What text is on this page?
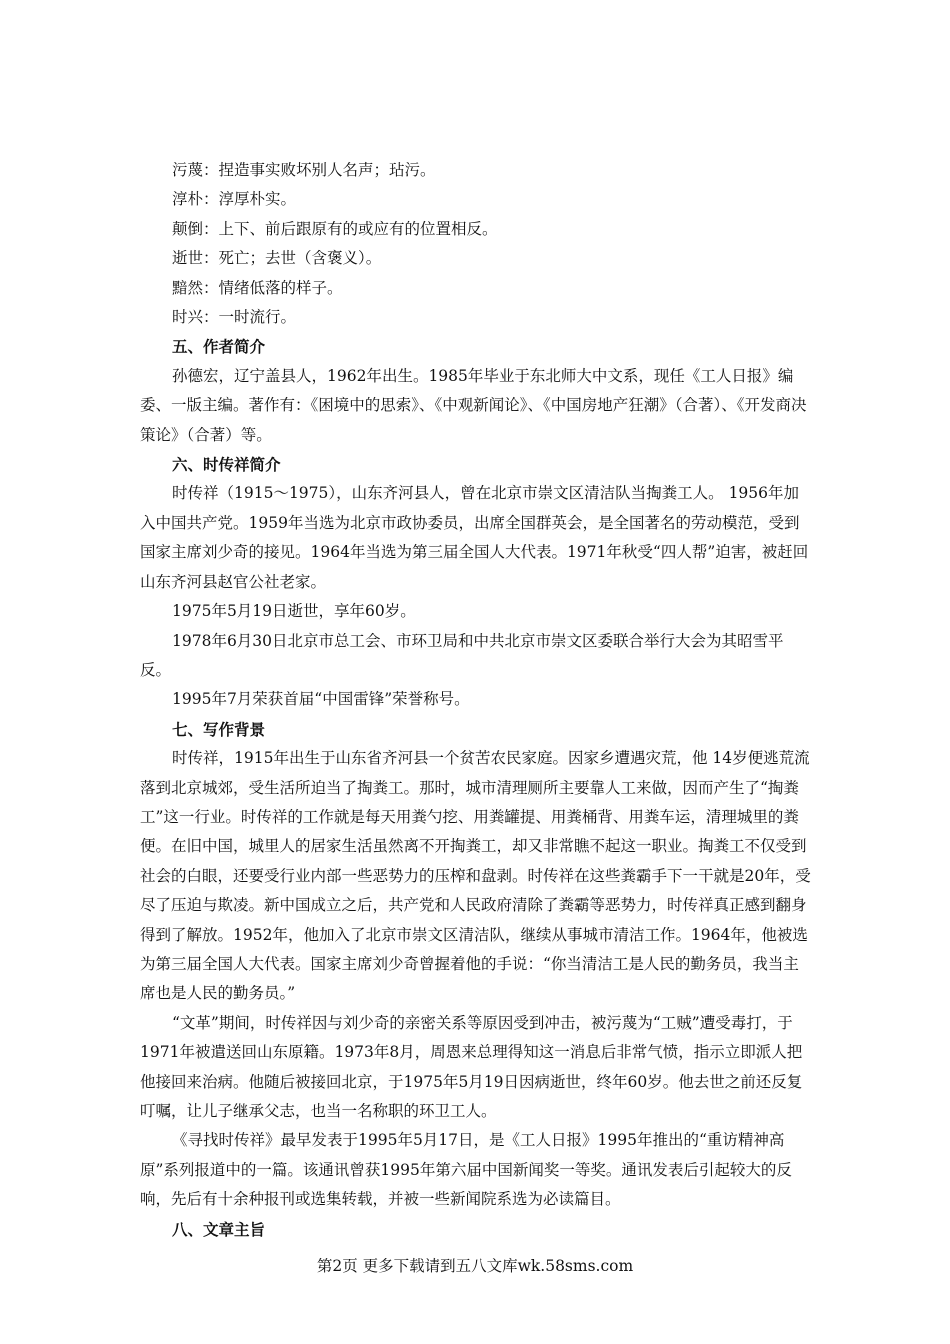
污蔑：捏造事实败坏别人名声；玷污。

淳朴：淳厚朴实。

颠倒：上下、前后跟原有的或应有的位置相反。

逝世：死亡；去世（含褒义）。

黯然：情绪低落的样子。

时兴：一时流行。

五、作者简介

孙德宏，辽宁盖县人，1962年出生。1985年毕业于东北师大中文系，现任《工人日报》编委、一版主编。著作有：《困境中的思索》、《中观新闻论》、《中国房地产狂潮》（合著）、《开发商决策论》（合著）等。

六、时传祥简介

时传祥（1915～1975），山东齐河县人，曾在北京市崇文区清洁队当掏粪工人。 1956年加入中国共产党。1959年当选为北京市政协委员，出席全国群英会，是全国著名的劳动模范，受到国家主席刘少奇的接见。1964年当选为第三届全国人大代表。1971年秋受“四人帮”迫害，被赶回山东齐河县赵官公社老家。

1975年5月19日逝世，享年60岁。

1978年6月30日北京市总工会、市环卫局和中共北京市崇文区委联合举行大会为其昭雪平反。

1995年7月荣获首届“中国雷锋”荣誉称号。

七、写作背景

时传祥，1915年出生于山东省齐河县一个贫苦农民家庭。因家乡遭遇灾荒，他 14岁便逃荒流落到北京城郊，受生活所迫当了掏粪工。那时，城市清理厕所主要靠人工来做，因而产生了“掏粪工”这一行业。时传祥的工作就是每天用粪勺挖、用粪罐提、用粪桶背、用粪车运，清理城里的粪便。在旧中国，城里人的居家生活虽然离不开掏粪工，却又非常瞧不起这一职业。掏粪工不仅受到社会的白眼，还要受行业内部一些恶势力的压榨和盘剥。时传祥在这些粪霸手下一干就是20年，受尽了压迫与欺凌。新中国成立之后，共产党和人民政府清除了粪霸等恶势力，时传祥真正感到翻身得到了解放。1952年，他加入了北京市崇文区清洁队，继续从事城市清洁工作。1964年，他被选为第三届全国人大代表。国家主席刘少奇曾握着他的手说：“你当清洁工是人民的勤务员，我当主席也是人民的勤务员。”

“文革”期间，时传祥因与刘少奇的亲密关系等原因受到冲击，被污蔑为“工贼”遭受毒打，于1971年被遣送回山东原籍。1973年8月，周恩来总理得知这一消息后非常气愤，指示立即派人把他接回来治病。他随后被接回北京，于1975年5月19日因病逝世，终年60岁。他去世之前还反复叮嘱，让儿子继承父志，也当一名称职的环卫工人。

《寻找时传祥》最早发表于1995年5月17日，是《工人日报》1995年推出的“重访精神高原”系列报道中的一篇。该通讯曾获1995年第六届中国新闻奖一等奖。通讯发表后引起较大的反响，先后有十余种报刊或选集转载，并被一些新闻院系选为必读篇目。

八、文章主旨

第2页 更多下载请到五八文库wk.58sms.com
